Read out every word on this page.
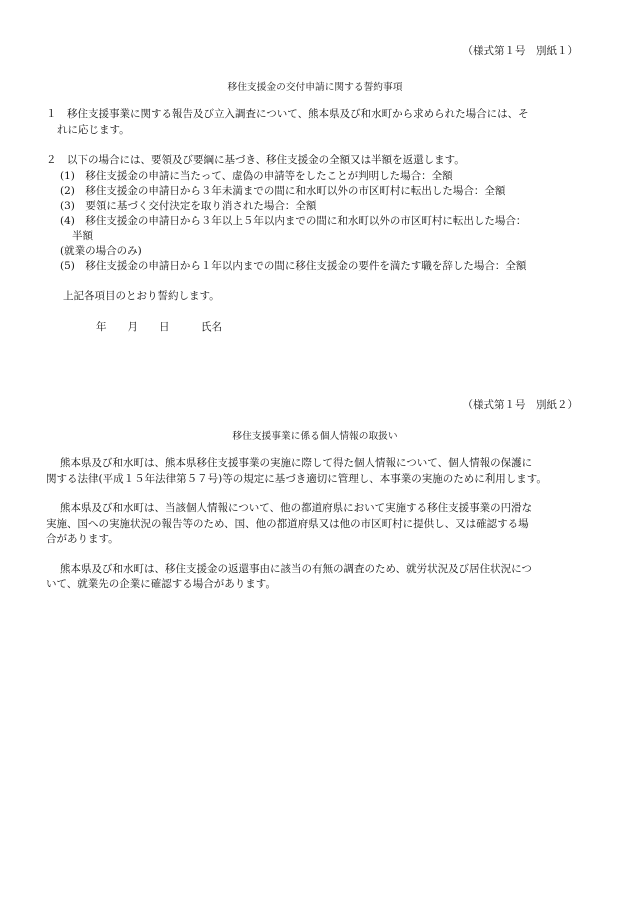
（様式第１号　別紙１）
移住支援金の交付申請に関する誓約事項
１　移住支援事業に関する報告及び立入調査について、熊本県及び和水町から求められた場合には、そ
れに応じます。
２　以下の場合には、要領及び要綱に基づき、移住支援金の全額又は半額を返還します。
(1)　移住支援金の申請に当たって、虚偽の申請等をしたことが判明した場合：全額
(2)　移住支援金の申請日から３年未満までの間に和水町以外の市区町村に転出した場合：全額
(3)　要領に基づく交付決定を取り消された場合：全額
(4)　移住支援金の申請日から３年以上５年以内までの間に和水町以外の市区町村に転出した場合：
半額
(就業の場合のみ)
(5)　移住支援金の申請日から１年以内までの間に移住支援金の要件を満たす職を辞した場合：全額
上記各項目のとおり誓約します。
年　　月　　日　　　氏名
（様式第１号　別紙２）
移住支援事業に係る個人情報の取扱い
熊本県及び和水町は、熊本県移住支援事業の実施に際して得た個人情報について、個人情報の保護に
関する法律(平成１５年法律第５７号)等の規定に基づき適切に管理し、本事業の実施のために利用します。
熊本県及び和水町は、当該個人情報について、他の都道府県において実施する移住支援事業の円滑な
実施、国への実施状況の報告等のため、国、他の都道府県又は他の市区町村に提供し、又は確認する場
合があります。
熊本県及び和水町は、移住支援金の返還事由に該当の有無の調査のため、就労状況及び居住状況につ
いて、就業先の企業に確認する場合があります。
